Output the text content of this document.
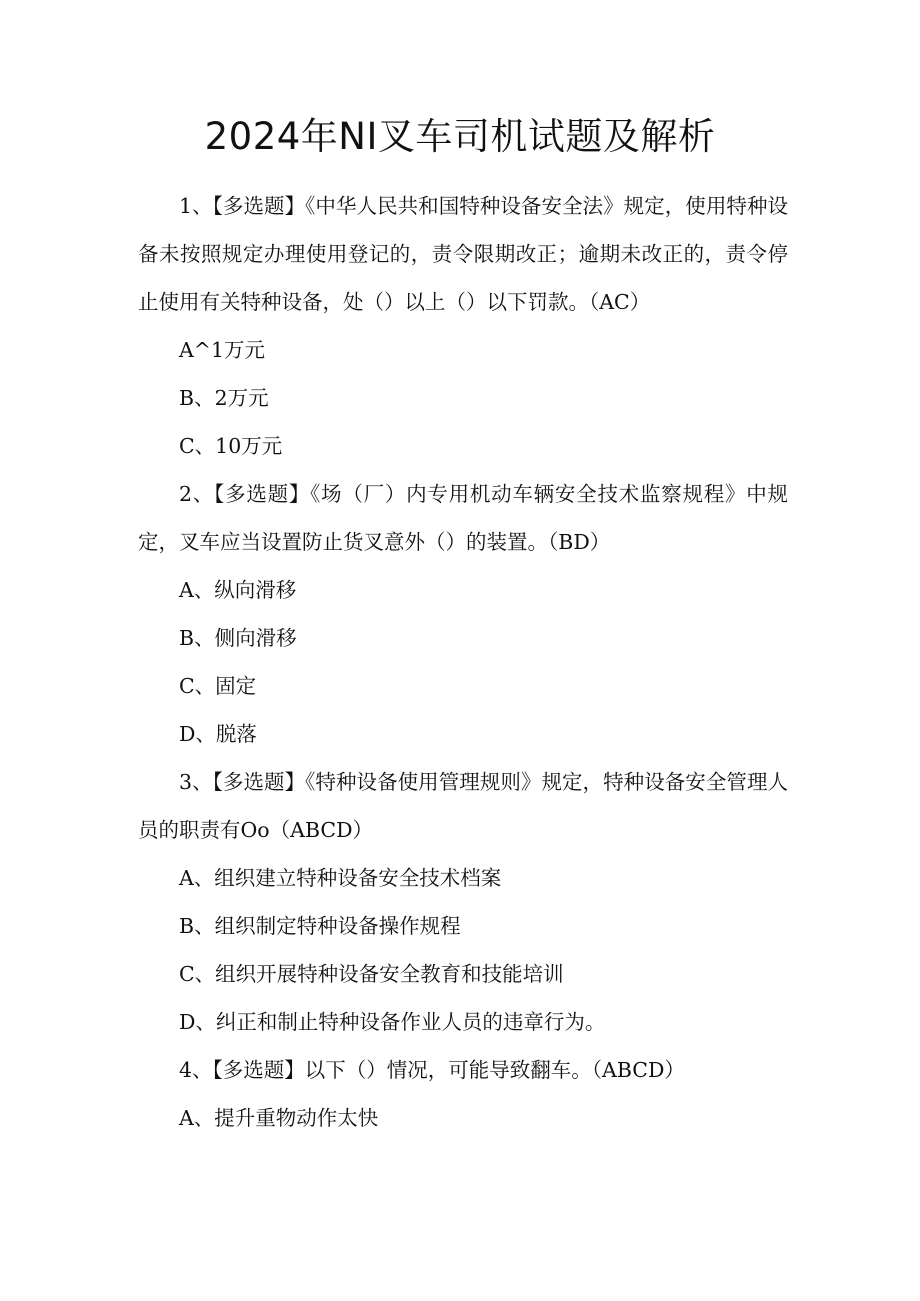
2024年NI叉车司机试题及解析

1、【多选题】《中华人民共和国特种设备安全法》规定，使用特种设备未按照规定办理使用登记的，责令限期改正；逾期未改正的，责令停止使用有关特种设备，处（）以上（）以下罚款。（AC）

A^1万元

B、2万元

C、10万元

2、【多选题】《场（厂）内专用机动车辆安全技术监察规程》中规定，叉车应当设置防止货叉意外（）的装置。（BD）

A、纵向滑移

B、侧向滑移

C、固定

D、脱落

3、【多选题】《特种设备使用管理规则》规定，特种设备安全管理人员的职责有Oo（ABCD）

A、组织建立特种设备安全技术档案

B、组织制定特种设备操作规程

C、组织开展特种设备安全教育和技能培训

D、纠正和制止特种设备作业人员的违章行为。

4、【多选题】以下（）情况，可能导致翻车。（ABCD）

A、提升重物动作太快
